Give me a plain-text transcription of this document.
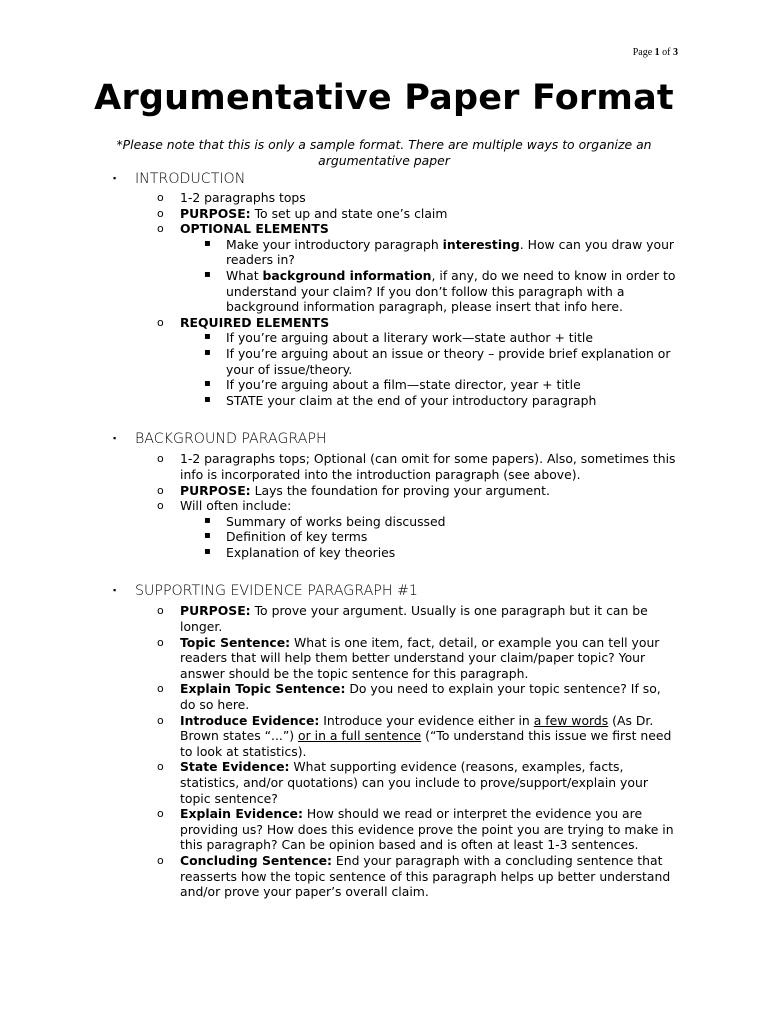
Page 1 of 3
Argumentative Paper Format
*Please note that this is only a sample format. There are multiple ways to organize an argumentative paper
▪	INTRODUCTION
o 1-2 paragraphs tops
o PURPOSE: To set up and state one’s claim
o OPTIONAL ELEMENTS
▪ Make your introductory paragraph interesting. How can you draw your readers in?
▪ What background information, if any, do we need to know in order to understand your claim? If you don’t follow this paragraph with a background information paragraph, please insert that info here.
o REQUIRED ELEMENTS
▪ If you’re arguing about a literary work—state author + title
▪ If you’re arguing about an issue or theory – provide brief explanation or your of issue/theory.
▪ If you’re arguing about a film—state director, year + title
▪ STATE your claim at the end of your introductory paragraph
▪	BACKGROUND PARAGRAPH
o 1-2 paragraphs tops; Optional (can omit for some papers). Also, sometimes this info is incorporated into the introduction paragraph (see above).
o PURPOSE: Lays the foundation for proving your argument.
o Will often include:
▪ Summary of works being discussed
▪ Definition of key terms
▪ Explanation of key theories
▪	SUPPORTING EVIDENCE PARAGRAPH #1
o PURPOSE: To prove your argument. Usually is one paragraph but it can be longer.
o Topic Sentence: What is one item, fact, detail, or example you can tell your readers that will help them better understand your claim/paper topic? Your answer should be the topic sentence for this paragraph.
o Explain Topic Sentence: Do you need to explain your topic sentence? If so, do so here.
o Introduce Evidence: Introduce your evidence either in a few words (As Dr. Brown states “...”) or in a full sentence (“To understand this issue we first need to look at statistics).
o State Evidence: What supporting evidence (reasons, examples, facts, statistics, and/or quotations) can you include to prove/support/explain your topic sentence?
o Explain Evidence: How should we read or interpret the evidence you are providing us? How does this evidence prove the point you are trying to make in this paragraph? Can be opinion based and is often at least 1-3 sentences.
o Concluding Sentence: End your paragraph with a concluding sentence that reasserts how the topic sentence of this paragraph helps up better understand and/or prove your paper’s overall claim.
